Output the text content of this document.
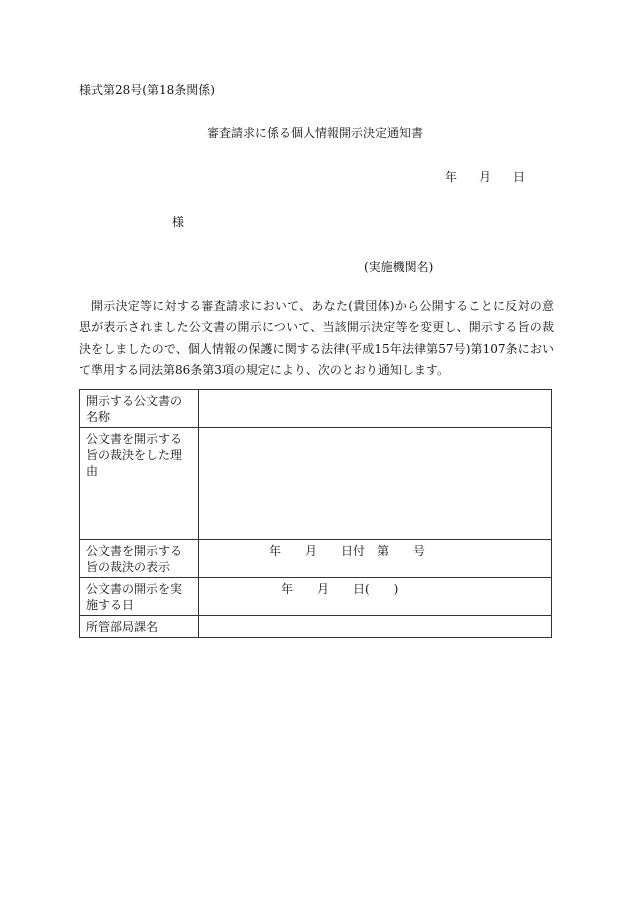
様式第28号(第18条関係)
審査請求に係る個人情報開示決定通知書
年 月 日
様
(実施機関名)

開示決定等に対する審査請求において、あなた(貴団体)から公開することに反対の意思が表示されました公文書の開示について、当該開示決定等を変更し、開示する旨の裁決をしましたので、個人情報の保護に関する法律(平成15年法律第57号)第107条において準用する同法第86条第3項の規定により、次のとおり通知します。

開示する公文書の名称	
公文書を開示する旨の裁決をした理由	
公文書を開示する旨の裁決の表示	年　　月　　日付　第　　号
公文書の開示を実施する日	年　　月　　日(　　)
所管部局課名	
